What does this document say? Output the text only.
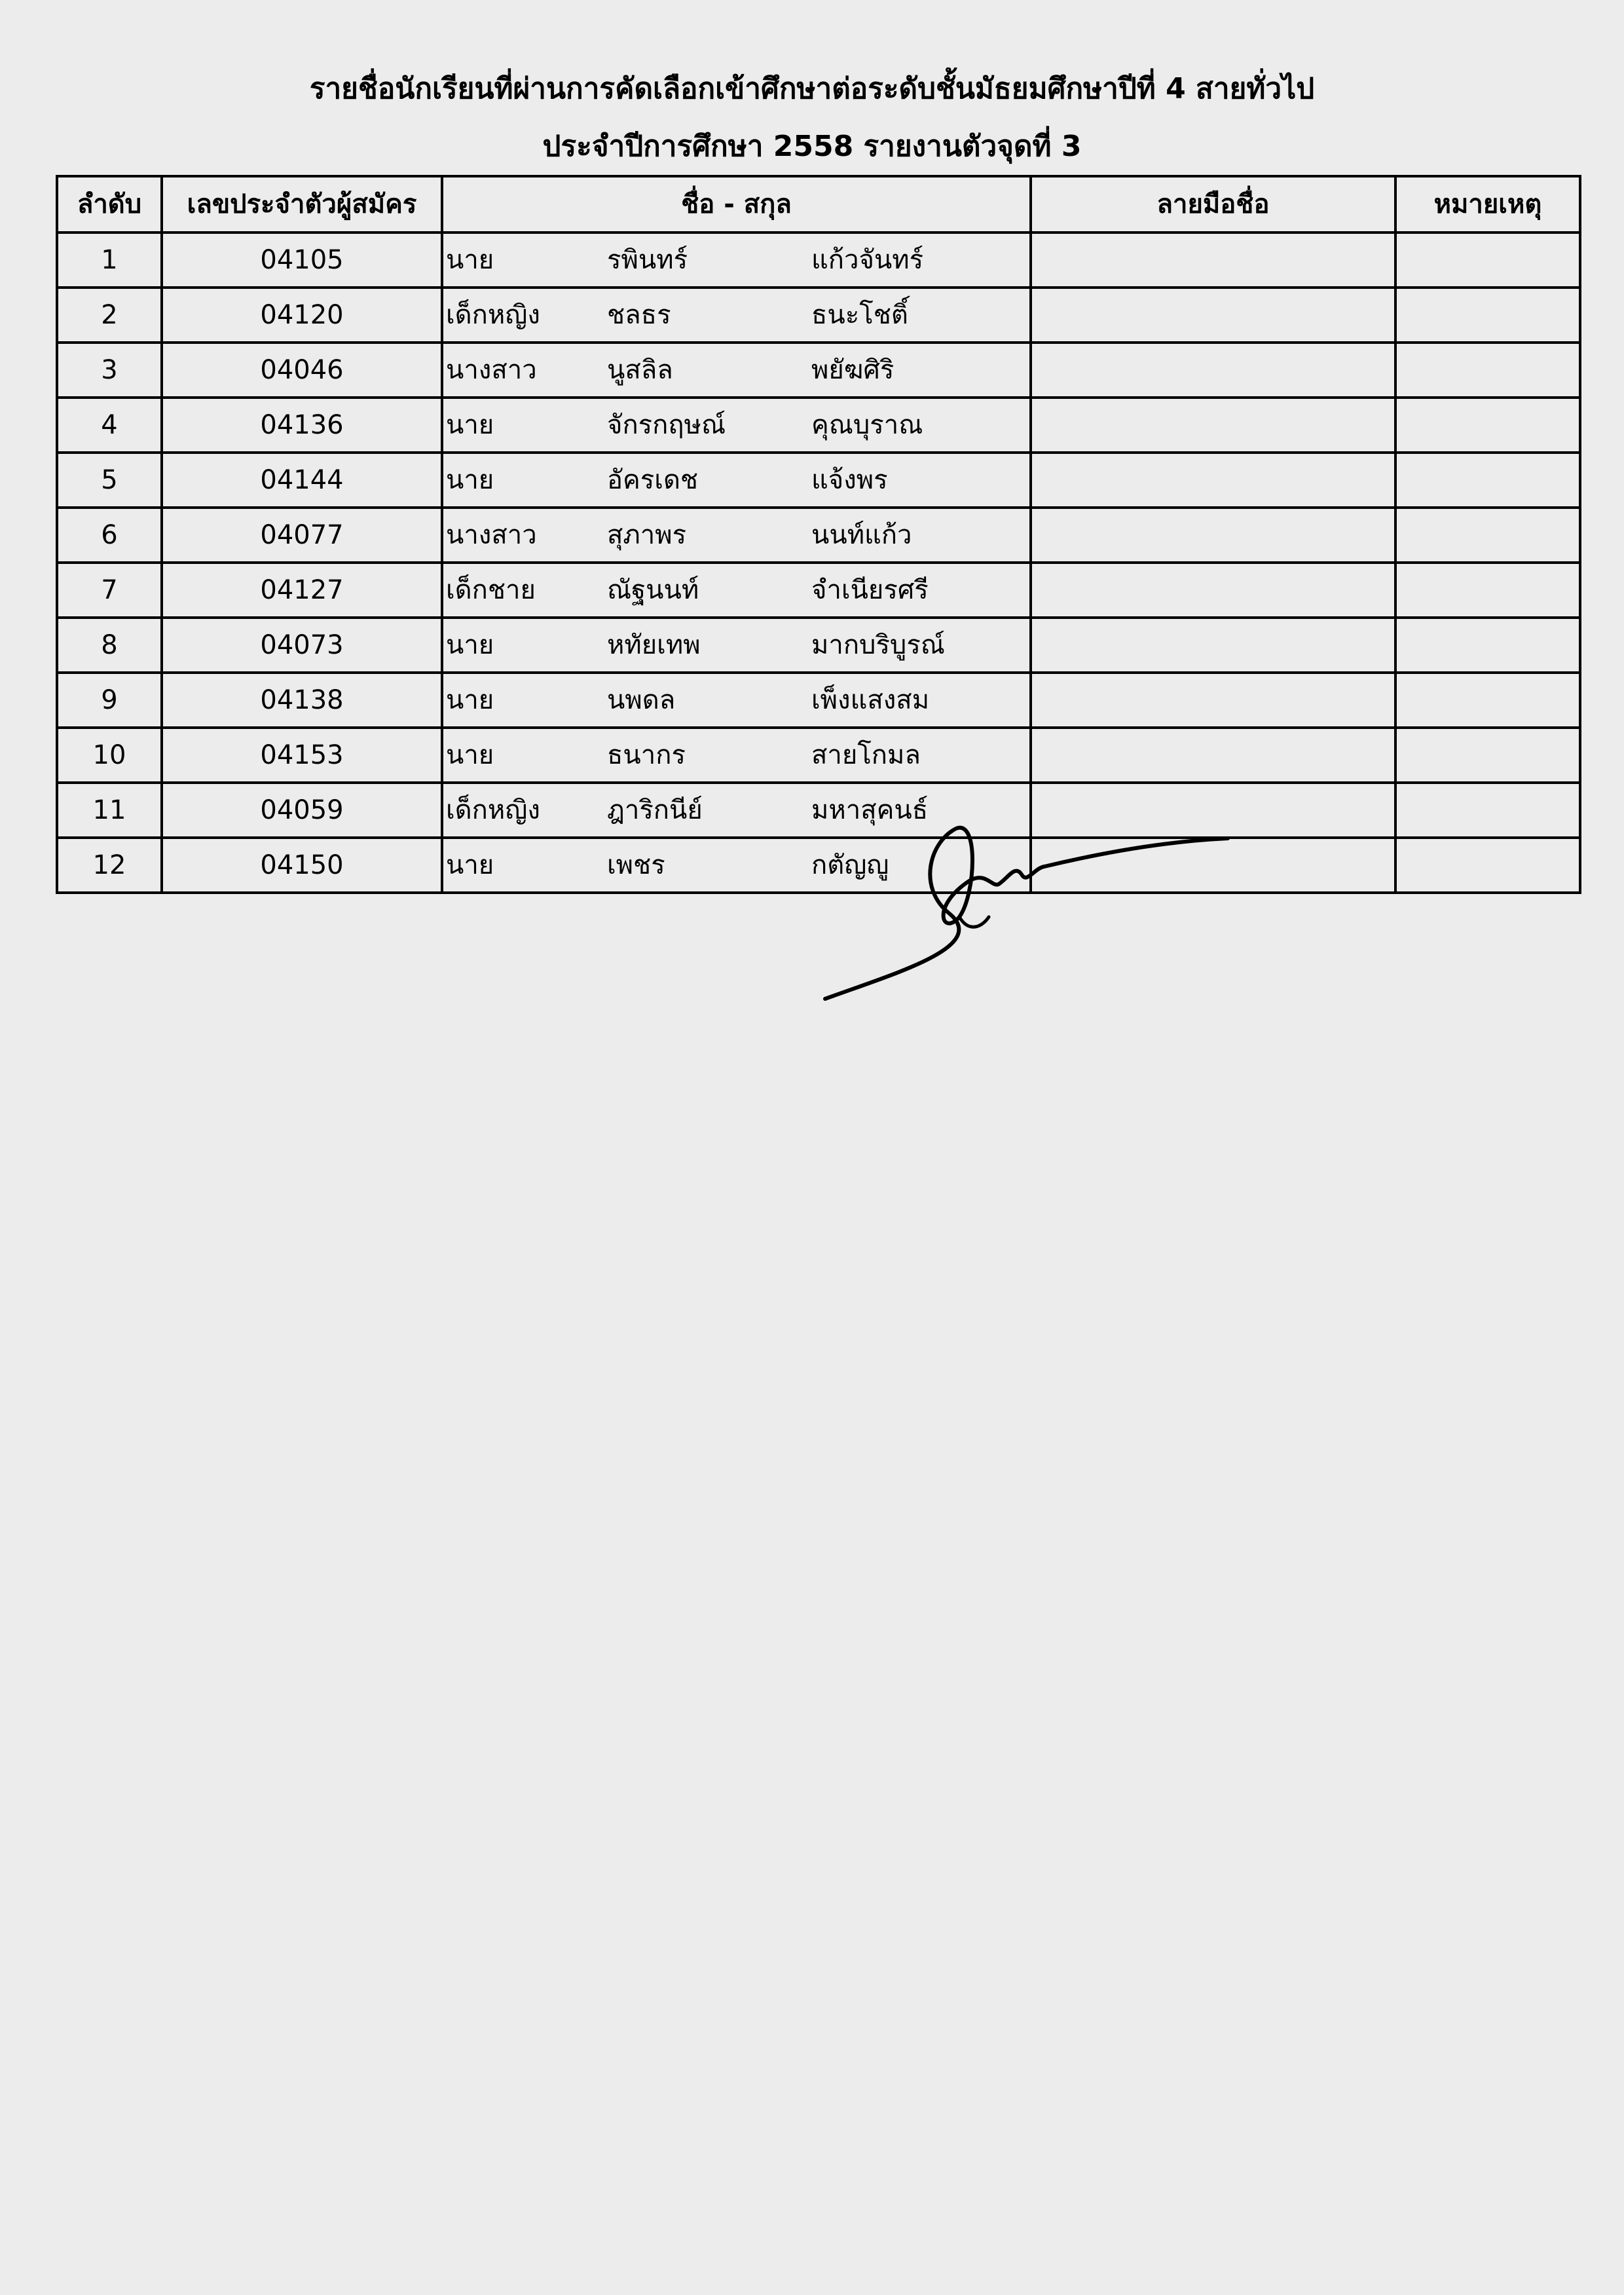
รายชื่อนักเรียนที่ผ่านการคัดเลือกเข้าศึกษาต่อระดับชั้นมัธยมศึกษาปีที่ 4 สายทั่วไป
ประจำปีการศึกษา 2558 รายงานตัวจุดที่ 3
ลำดับ	เลขประจำตัวผู้สมัคร	ชื่อ - สกุล	ลายมือชื่อ	หมายเหตุ
1	04105	นาย รพินทร์ แก้วจันทร์		

2	04120	เด็กหญิง ชลธร ธนะโชติ์		

3	04046	นางสาว นูสลิล พยัฆศิริ		

4	04136	นาย จักรกฤษณ์ คุณบุราณ		

5	04144	นาย อัครเดช แจ้งพร		

6	04077	นางสาว สุภาพร นนท์แก้ว		

7	04127	เด็กชาย ณัฐนนท์ จำเนียรศรี		

8	04073	นาย หทัยเทพ มากบริบูรณ์		

9	04138	นาย นพดล เพ็งแสงสม		

10	04153	นาย ธนากร สายโกมล		

11	04059	เด็กหญิง ฎาริกนีย์ มหาสุคนธ์		

12	04150	นาย เพชร กตัญญู		
